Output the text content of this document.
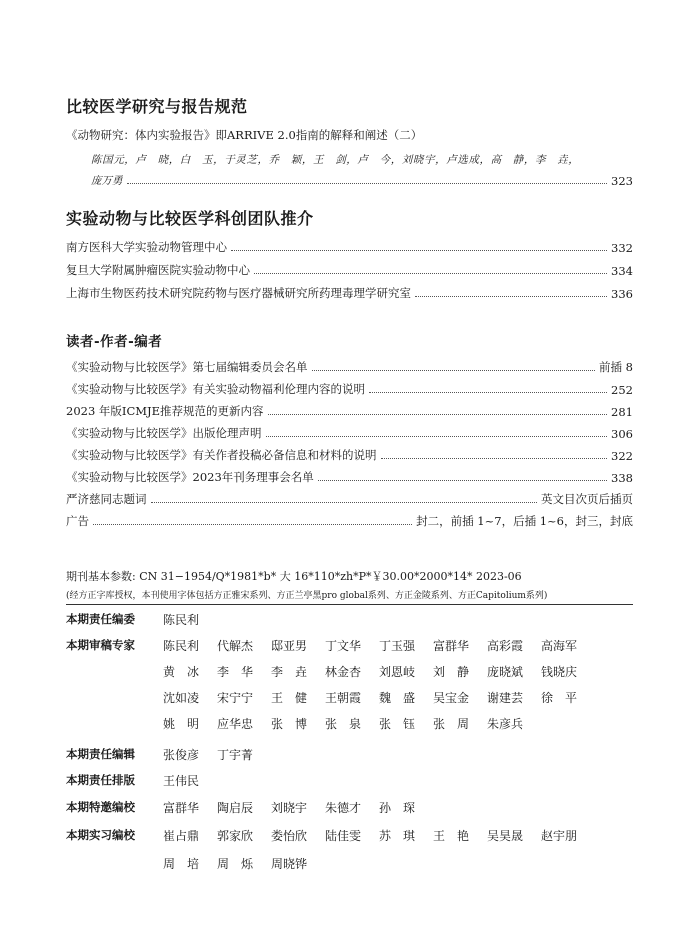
比较医学研究与报告规范
《动物研究：体内实验报告》即ARRIVE 2.0指南的解释和阐述（二）
陈国元，卢　晓，白　玉，于灵芝，乔　颖，王　剑，卢　今，刘晓宇，卢选成，高　静，李　垚，
庞万勇	323
实验动物与比较医学科创团队推介
南方医科大学实验动物管理中心	332
复旦大学附属肿瘤医院实验动物中心	334
上海市生物医药技术研究院药物与医疗器械研究所药理毒理学研究室	336
读者-作者-编者
《实验动物与比较医学》第七届编辑委员会名单	前插 8
《实验动物与比较医学》有关实验动物福利伦理内容的说明	252
2023 年版ICMJE推荐规范的更新内容	281
《实验动物与比较医学》出版伦理声明	306
《实验动物与比较医学》有关作者投稿必备信息和材料的说明	322
《实验动物与比较医学》2023年刊务理事会名单	338
严济慈同志题词	英文目次页后插页
广告	封二，前插 1~7，后插 1~6，封三，封底
期刊基本参数: CN 31−1954/Q*1981*b* 大 16*110*zh*P*￥30.00*2000*14* 2023-06
(经方正字库授权，本刊使用字体包括方正雅宋系列、方正兰亭黑pro global系列、方正金陵系列、方正Capitolium系列)
本期责任编委	陈民利
本期审稿专家	陈民利 代解杰 邸亚男 丁文华 丁玉强 富群华 高彩霞 高海军
黄　冰 李　华 李　垚 林金杏 刘恩岐 刘　静 庞晓斌 钱晓庆
沈如凌 宋宁宁 王　健 王朝霞 魏　盛 吴宝金 谢建芸 徐　平
姚　明 应华忠 张　博 张　泉 张　钰 张　周 朱彦兵
本期责任编辑	张俊彦 丁宇菁
本期责任排版	王伟民
本期特邀编校	富群华 陶启辰 刘晓宇 朱德才 孙　琛
本期实习编校	崔占鼎 郭家欣 娄怡欣 陆佳雯 苏　琪 王　艳 吴昊晟 赵宇朋
周　培 周　烁 周晓铧
